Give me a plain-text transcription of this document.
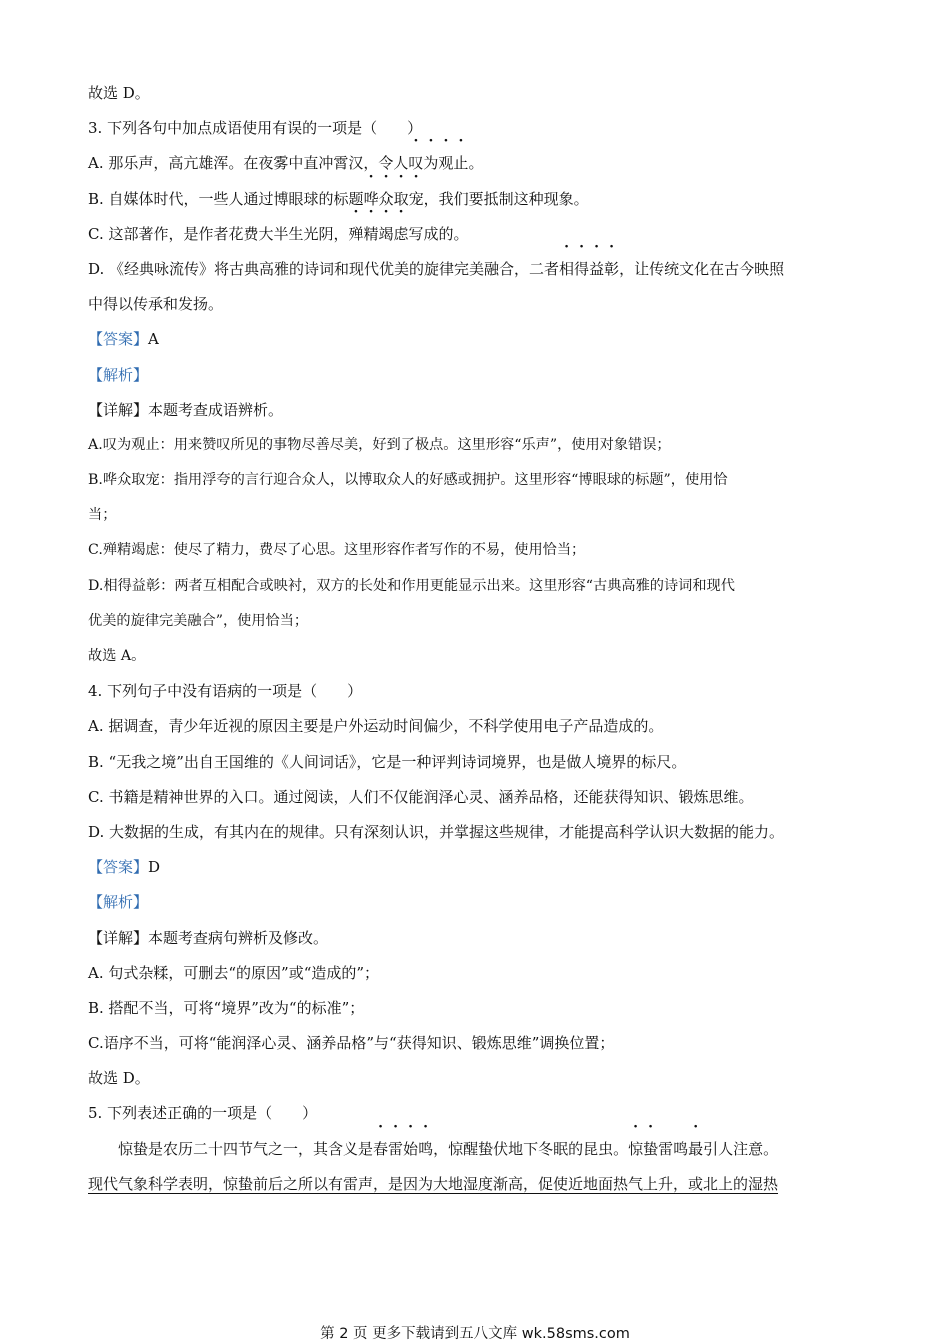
故选 D。
3. 下列各句中加点成语使用有误的一项是（　　）
A. 那乐声，高亢雄浑。在夜雾中直冲霄汉，令人叹为观止。
B. 自媒体时代，一些人通过博眼球的标题哗众取宠，我们要抵制这种现象。
C. 这部著作，是作者花费大半生光阴，殚精竭虑写成的。
D. 《经典咏流传》将古典高雅的诗词和现代优美的旋律完美融合，二者相得益彰，让传统文化在古今映照
中得以传承和发扬。
【答案】A
【解析】
【详解】本题考查成语辨析。
A.叹为观止：用来赞叹所见的事物尽善尽美，好到了极点。这里形容“乐声”，使用对象错误；
B.哗众取宠：指用浮夸的言行迎合众人，以博取众人的好感或拥护。这里形容“博眼球的标题”，使用恰
当；
C.殚精竭虑：使尽了精力，费尽了心思。这里形容作者写作的不易，使用恰当；
D.相得益彰：两者互相配合或映衬，双方的长处和作用更能显示出来。这里形容“古典高雅的诗词和现代
优美的旋律完美融合”，使用恰当；
故选 A。
4. 下列句子中没有语病的一项是（　　）
A. 据调查，青少年近视的原因主要是户外运动时间偏少，不科学使用电子产品造成的。
B. “无我之境”出自王国维的《人间词话》，它是一种评判诗词境界，也是做人境界的标尺。
C. 书籍是精神世界的入口。通过阅读，人们不仅能润泽心灵、涵养品格，还能获得知识、锻炼思维。
D. 大数据的生成，有其内在的规律。只有深刻认识，并掌握这些规律，才能提高科学认识大数据的能力。
【答案】D
【解析】
【详解】本题考查病句辨析及修改。
A. 句式杂糅，可删去“的原因”或“造成的”；
B. 搭配不当，可将“境界”改为“的标准”；
C.语序不当，可将“能润泽心灵、涵养品格”与“获得知识、锻炼思维”调换位置；
故选 D。
5. 下列表述正确的一项是（　　）
惊蛰是农历二十四节气之一，其含义是春雷始鸣，惊醒蛰伏地下冬眠的昆虫。惊蛰雷鸣最引人注意。
现代气象科学表明，惊蛰前后之所以有雷声，是因为大地湿度渐高，促使近地面热气上升，或北上的湿热
第 2 页 更多下载请到五八文库 wk.58sms.com
